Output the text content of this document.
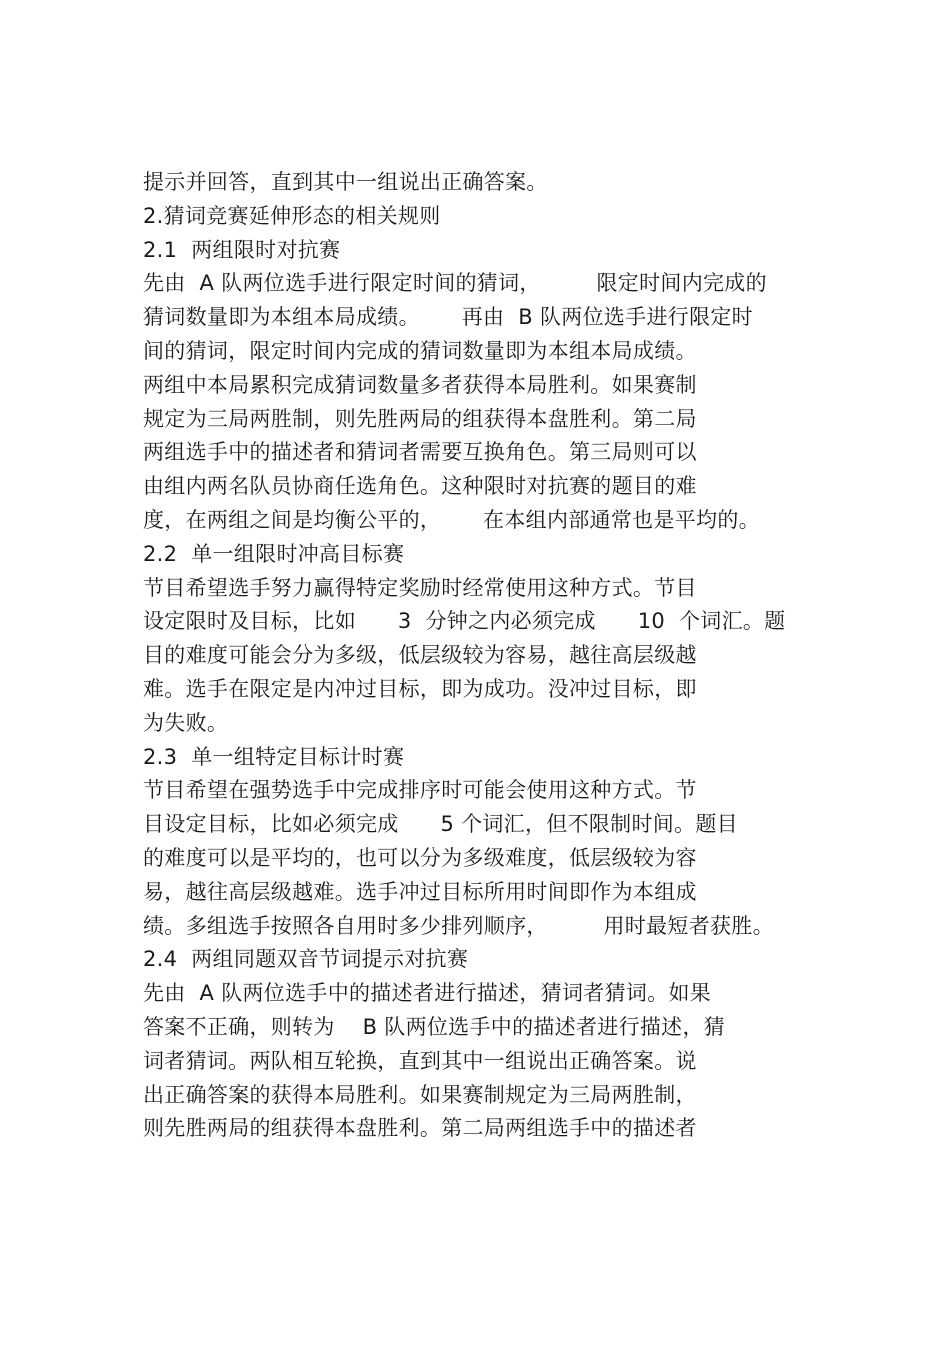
提示并回答，直到其中一组说出正确答案。
2.猜词竞赛延伸形态的相关规则
2.1  两组限时对抗赛
先由  A 队两位选手进行限定时间的猜词，        限定时间内完成的
猜词数量即为本组本局成绩。      再由  B 队两位选手进行限定时
间的猜词，限定时间内完成的猜词数量即为本组本局成绩。
两组中本局累积完成猜词数量多者获得本局胜利。如果赛制
规定为三局两胜制，则先胜两局的组获得本盘胜利。第二局
两组选手中的描述者和猜词者需要互换角色。第三局则可以
由组内两名队员协商任选角色。这种限时对抗赛的题目的难
度，在两组之间是均衡公平的，      在本组内部通常也是平均的。
2.2  单一组限时冲高目标赛
节目希望选手努力赢得特定奖励时经常使用这种方式。节目
设定限时及目标，比如      3  分钟之内必须完成      10  个词汇。题
目的难度可能会分为多级，低层级较为容易，越往高层级越
难。选手在限定是内冲过目标，即为成功。没冲过目标，即
为失败。
2.3  单一组特定目标计时赛
节目希望在强势选手中完成排序时可能会使用这种方式。节
目设定目标，比如必须完成      5 个词汇，但不限制时间。题目
的难度可以是平均的，也可以分为多级难度，低层级较为容
易，越往高层级越难。选手冲过目标所用时间即作为本组成
绩。多组选手按照各自用时多少排列顺序，        用时最短者获胜。
2.4  两组同题双音节词提示对抗赛
先由  A 队两位选手中的描述者进行描述，猜词者猜词。如果
答案不正确，则转为    B 队两位选手中的描述者进行描述，猜
词者猜词。两队相互轮换，直到其中一组说出正确答案。说
出正确答案的获得本局胜利。如果赛制规定为三局两胜制，
则先胜两局的组获得本盘胜利。第二局两组选手中的描述者
